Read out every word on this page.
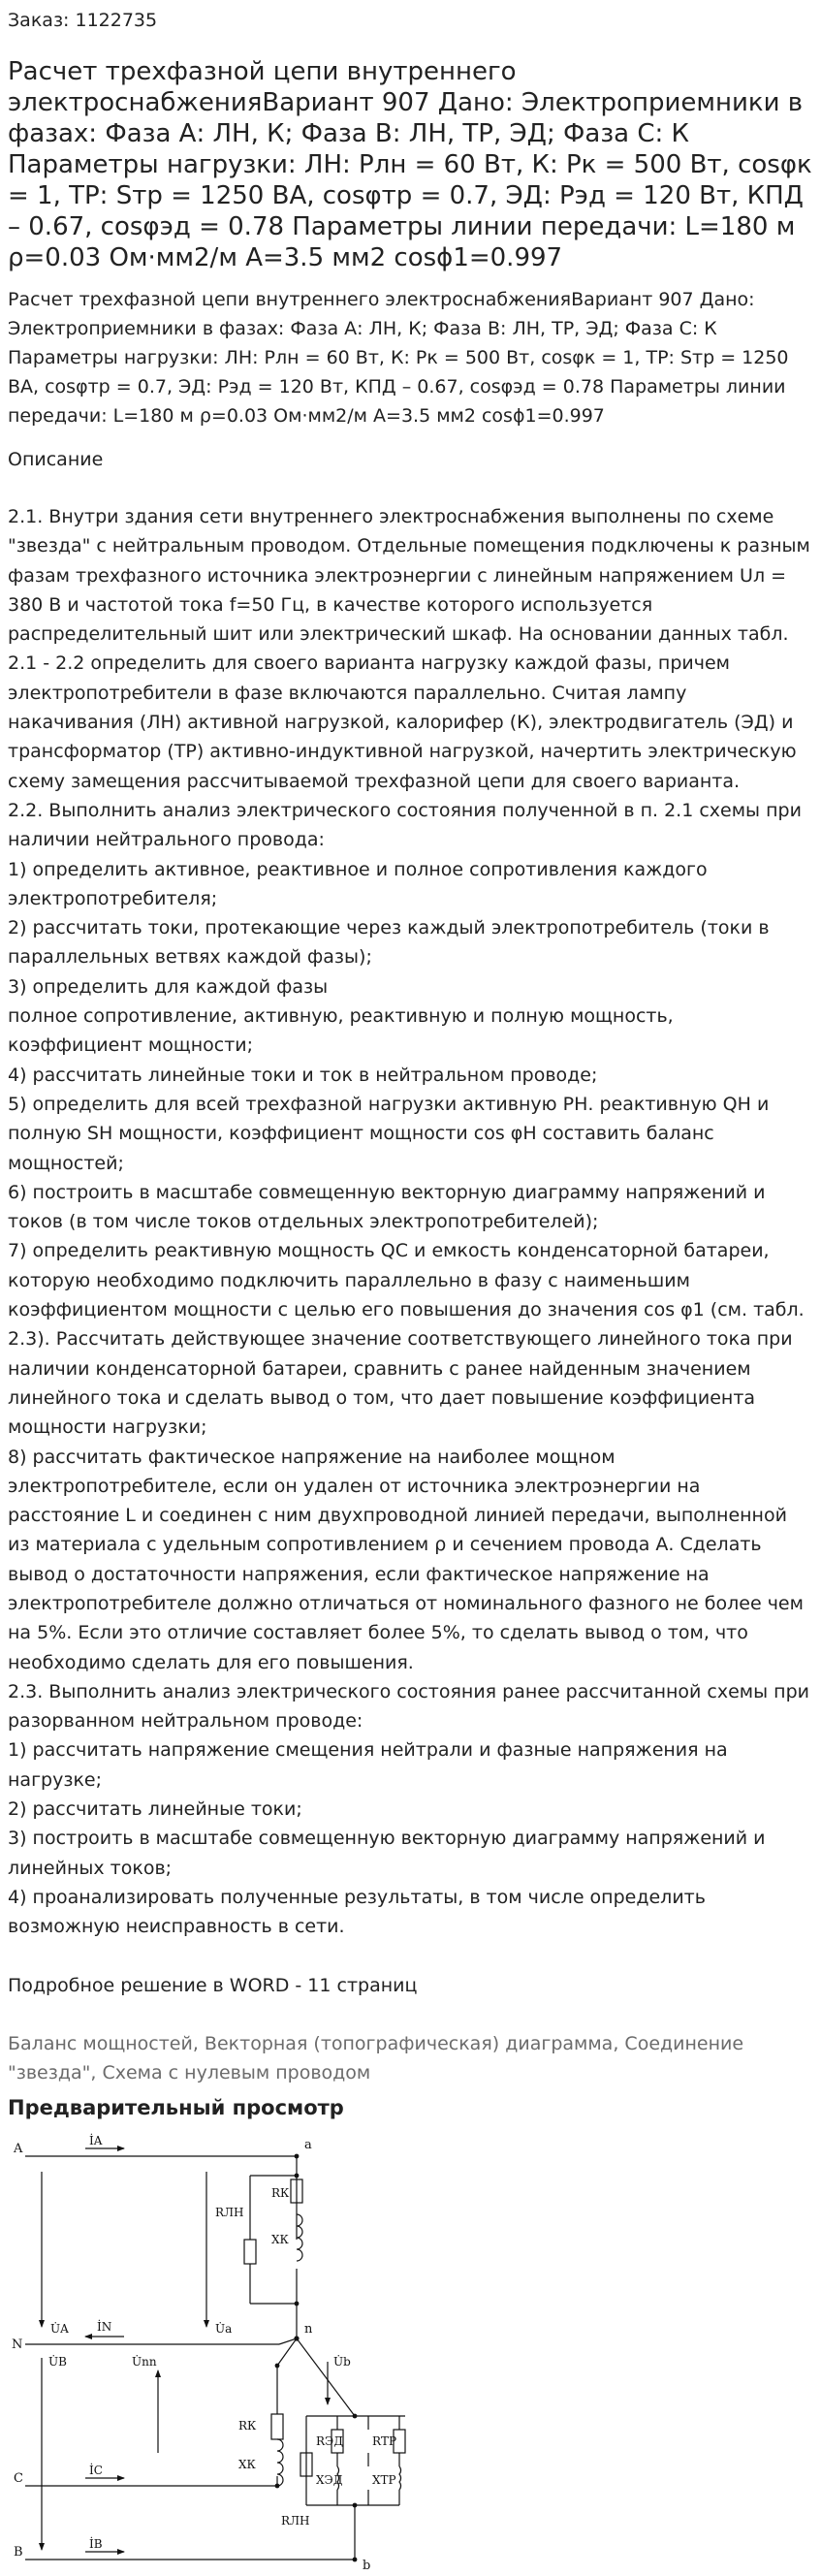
Заказ: 1122735

Расчет трехфазной цепи внутреннего электроснабженияВариант 907 Дано: Электроприемники в фазах: Фаза А: ЛН, К; Фаза В: ЛН, ТР, ЭД; Фаза С: К Параметры нагрузки: ЛН: Рлн = 60 Вт, К: Рк = 500 Вт, cosφк = 1, ТР: Sтр = 1250 ВА, cosφтр = 0.7, ЭД: Рэд = 120 Вт, КПД – 0.67, cosφэд = 0.78 Параметры линии передачи: L=180 м ρ=0.03 Ом·мм2/м A=3.5 мм2 cosϕ1=0.997

Расчет трехфазной цепи внутреннего электроснабженияВариант 907 Дано: Электроприемники в фазах: Фаза А: ЛН, К; Фаза В: ЛН, ТР, ЭД; Фаза С: К Параметры нагрузки: ЛН: Рлн = 60 Вт, К: Рк = 500 Вт, cosφк = 1, ТР: Sтр = 1250 ВА, cosφтр = 0.7, ЭД: Рэд = 120 Вт, КПД – 0.67, cosφэд = 0.78 Параметры линии передачи: L=180 м ρ=0.03 Ом·мм2/м A=3.5 мм2 cosϕ1=0.997

Описание
2.1. Внутри здания сети внутреннего электроснабжения выполнены по схеме "звезда" с нейтральным проводом. Отдельные помещения подключены к разным фазам трехфазного источника электроэнергии с линейным напряжением Uл = 380 В и частотой тока f=50 Гц, в качестве которого используется распределительный шит или электрический шкаф. На основании данных табл. 2.1 - 2.2 определить для своего варианта нагрузку каждой фазы, причем электропотребители в фазе включаются параллельно. Считая лампу накачивания (ЛН) активной нагрузкой, калорифер (К), электродвигатель (ЭД) и трансформатор (ТР) активно-индуктивной нагрузкой, начертить электрическую схему замещения рассчитываемой трехфазной цепи для своего варианта.
2.2. Выполнить анализ электрического состояния полученной в п. 2.1 схемы при наличии нейтрального провода:
1) определить активное, реактивное и полное сопротивления каждого электропотребителя;
2) рассчитать токи, протекающие через каждый электропотребитель (токи в параллельных ветвях каждой фазы);
3) определить для каждой фазы
полное сопротивление, активную, реактивную и полную мощность, коэффициент мощности;
4) рассчитать линейные токи и ток в нейтральном проводе;
5) определить для всей трехфазной нагрузки активную PН. реактивную QН и полную SН мощности, коэффициент мощности cos φН составить баланс мощностей;
6) построить в масштабе совмещенную векторную диаграмму напряжений и токов (в том числе токов отдельных электропотребителей);
7) определить реактивную мощность QС и емкость конденсаторной батареи, которую необходимо подключить параллельно в фазу с наименьшим коэффициентом мощности с целью его повышения до значения cos φ1 (см. табл. 2.3). Рассчитать действующее значение соответствующего линейного тока при наличии конденсаторной батареи, сравнить с ранее найденным значением линейного тока и сделать вывод о том, что дает повышение коэффициента мощности нагрузки;
8) рассчитать фактическое напряжение на наиболее мощном электропотребителе, если он удален от источника электроэнергии на расстояние L и соединен с ним двухпроводной линией передачи, выполненной из материала с удельным сопротивлением ρ и сечением провода А. Сделать вывод о достаточности напряжения, если фактическое напряжение на электропотребителе должно отличаться от номинального фазного не более чем на 5%. Если это отличие составляет более 5%, то сделать вывод о том, что необходимо сделать для его повышения.
2.3. Выполнить анализ электрического состояния ранее рассчитанной схемы при разорванном нейтральном проводе:
1) рассчитать напряжение смещения нейтрали и фазные напряжения на нагрузке;
2) рассчитать линейные токи;
3) построить в масштабе совмещенную векторную диаграмму напряжений и линейных токов;
4) проанализировать полученные результаты, в том числе определить возможную неисправность в сети.

Подробное решение в WORD - 11 страниц

Баланс мощностей, Векторная (топографическая) диаграмма, Соединение "звезда", Схема с нулевым проводом

Предварительный просмотр
A	a
N
n
C
B
b
İA
İN
İC
İB
U̇A	U̇a
U̇B	U̇nn	U̇b
RЛН
RК
XК
RК
XК
RЭД
XЭД
RТР
XТР
RЛН
